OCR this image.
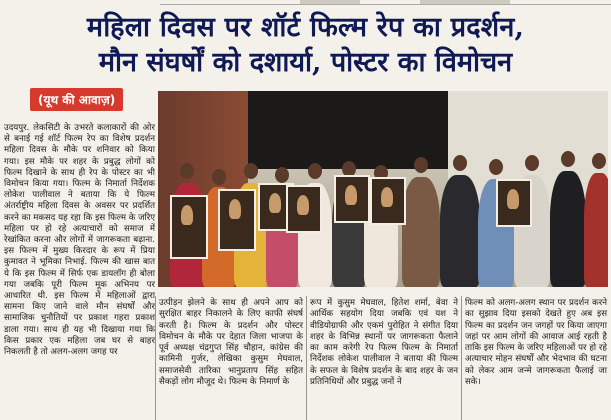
महिला दिवस पर शॉर्ट फिल्म रेप का प्रदर्शन,
मौन संघर्षों को दशार्या, पोस्टर का विमोचन
(यूथ की आवाज़)

उदयपुर. लेकसिटी के उभरते कलाकारों की ओर से बनाई गई शॉर्ट फिल्म रेप का विशेष प्रदर्शन महिला दिवस के मौके पर शनिवार को किया गया। इस मौके पर शहर के प्रबुद्ध लोगों को फिल्म दिखाने के साथ ही रेप के पोस्टर का भी विमोचन किया गया। फिल्म के निमार्ता निर्देशक लोकेश पालीवाल ने बताया कि ये फिल्म अंतर्राष्ट्रीय महिला दिवस के अवसर पर प्रदर्शित करने का मकसद यह रहा कि इस फिल्म के जरिए महिला पर हो रहे अत्याचारों को समाज में रेखांकित करना और लोगों में जागरूकता बढ़ाना. इस फिल्म में मुख्य किरदार के रूप में प्रिया कुमावत ने भूमिका निभाई. फिल्म की खास बात ये कि इस फिल्म में सिर्फ एक डायलॉग ही बोला गया जबकि पूरी फिल्म मूक अभिनय पर आधारित थी. इस फिल्म में महिलाओं द्वारा सामना किए जाने वाले मौन संघर्षों और सामाजिक चुनौतियों पर प्रकाश गहरा प्रकाश डाला गया। साथ ही यह भी दिखाया गया कि किस प्रकार एक महिला जब घर से बाहर निकलती है तो अलग-अलग जगह पर

उत्पीड़न झेलने के साथ ही अपने आप को सुरक्षित बाहर निकालने के लिए काफी संघर्ष करती है। फिल्म के प्रदर्शन और पोस्टर विमोचन के मौके पर देहात जिला भाजपा के पूर्व अध्यक्ष चंद्रगुप्त सिंह चौहान, कांग्रेस की कामिनी गुर्जर, लेखिका कुसुम मेघवाल, समाजसेवी तारिका भानुप्रताप सिंह सहित सैकड़ों लोग मौजूद थे। फिल्म के निमार्ण के
रूप में कुसुम मेघवाल, हितेश शर्मा, बेवा ने आर्थिक सहयोग दिया जबकि एवं यश ने वीडियोग्राफी और एकमं पुरोहित ने संगीत दिया शहर के विभिन्न स्थानों पर जागरूकता फैलाने का काम करेगी रेप फिल्म फिल्म के निमार्ता निर्देशक लोकेश पालीवाल ने बताया की फिल्म के सफल के विशेष प्रदर्शन के बाद शहर के जन प्रतिनिधियों और प्रबुद्ध जनों ने
फिल्म को अलग-अलग स्थान पर प्रदर्शन करने का सुझाव दिया इसको देखते हुए अब इस फिल्म का प्रदर्शन जन जगहों पर किया जाएगा जहां पर आम लोगों की आवाज आई रहती है ताकि इस फिल्म के जरिए महिलाओं पर हो रहे अत्याचार मोहन संघर्षों और भेदभाव की घटना को लेकर आम जन्मे जागरूकता फैलाई जा सके।
